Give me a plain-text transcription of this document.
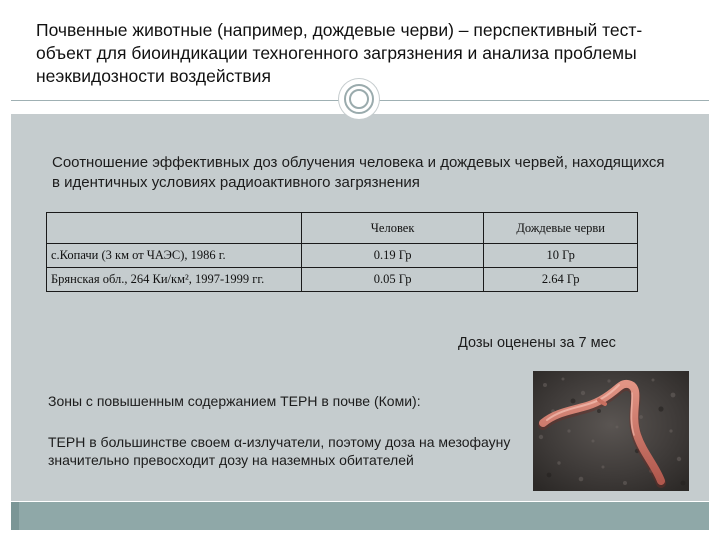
Почвенные животные (например, дождевые черви) – перспективный тест-объект для биоиндикации техногенного загрязнения и анализа проблемы неэквидозности воздействия
Соотношение эффективных доз облучения человека и дождевых червей, находящихся в идентичных условиях радиоактивного загрязнения
	Человек	Дождевые черви
с.Копачи (3 км от ЧАЭС), 1986 г.	0.19 Гр	10 Гр
Брянская обл., 264 Ки/км², 1997-1999 гг.	0.05 Гр	2.64 Гр
Дозы оценены за 7 мес
Зоны с повышенным содержанием ТЕРН в почве (Коми):
ТЕРН в большинстве своем α-излучатели, поэтому доза на мезофауну значительно превосходит дозу на наземных обитателей
